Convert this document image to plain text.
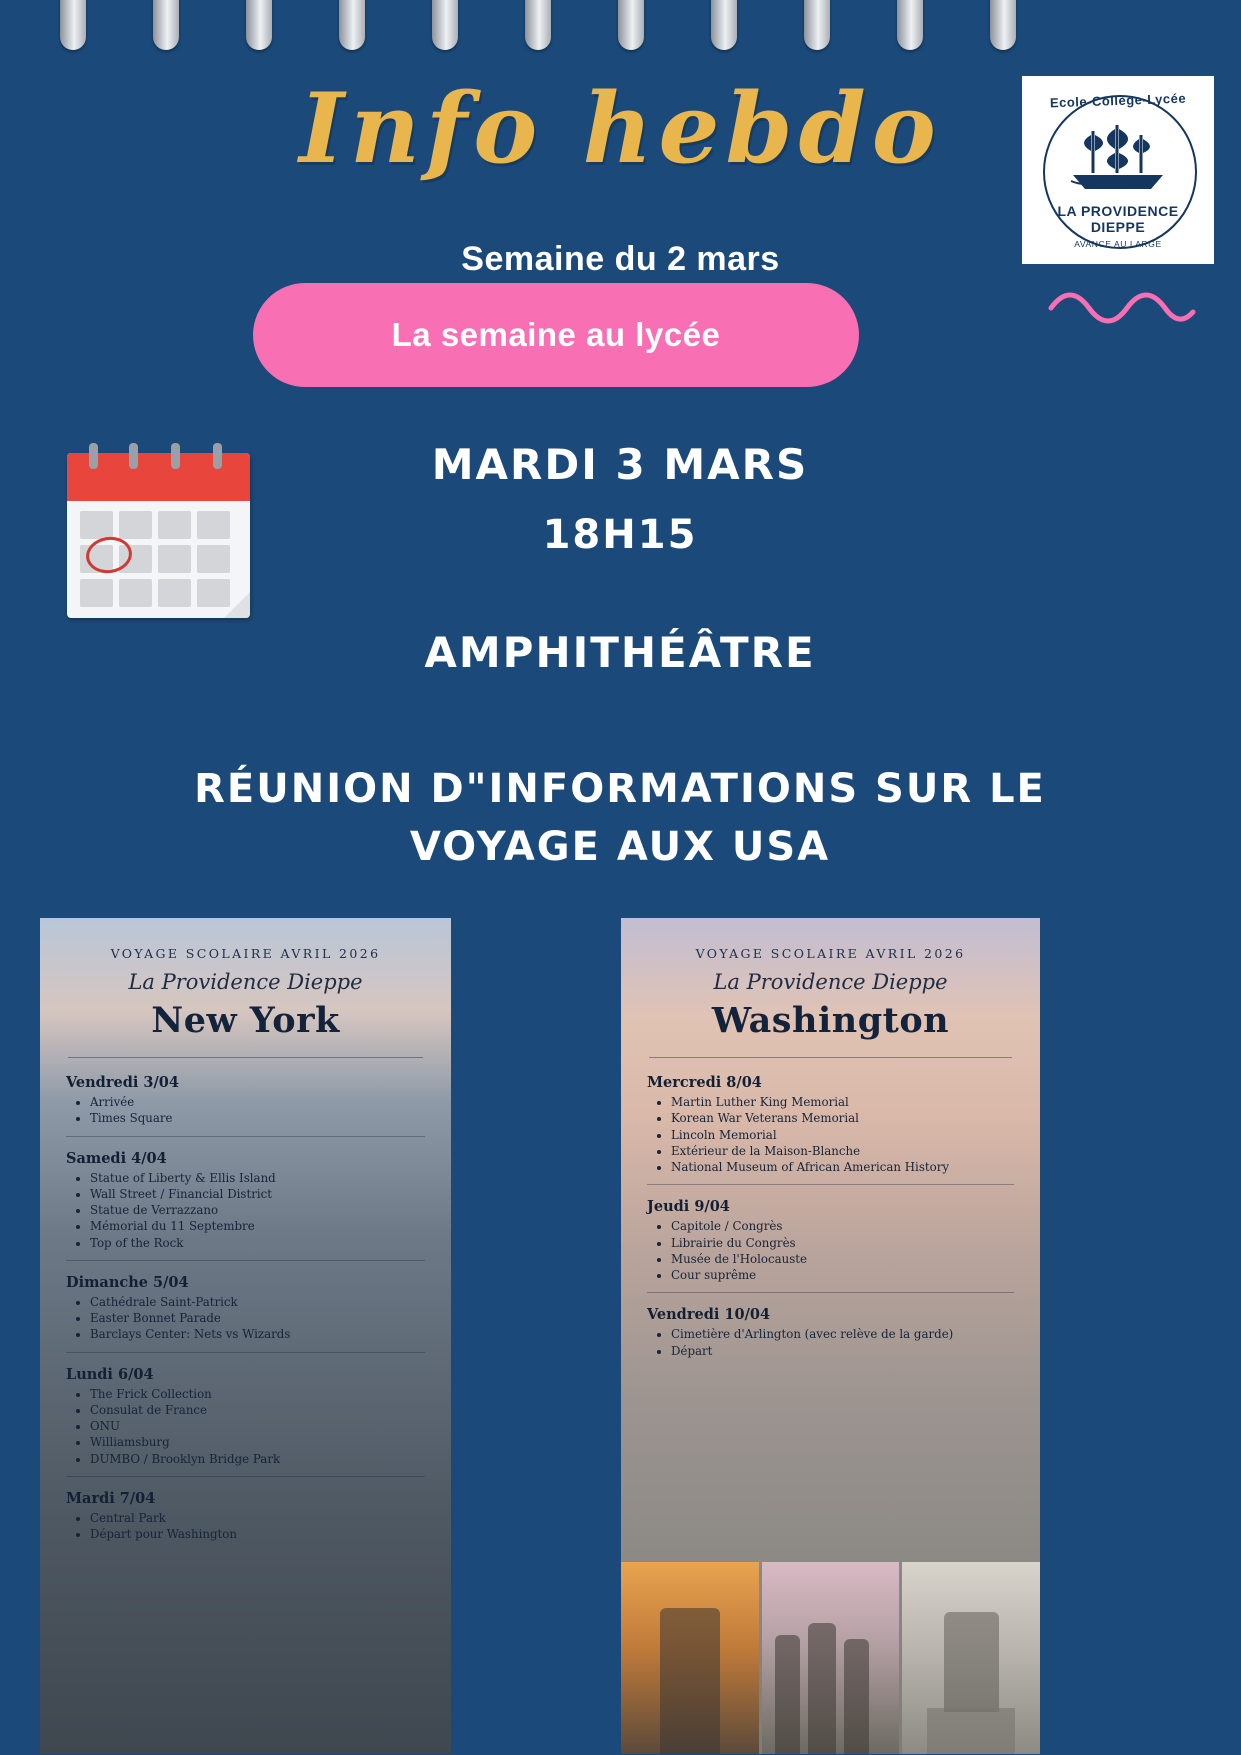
Info hebdo
Semaine du 2 mars
La semaine au lycée
Ecole-Collège-Lycée
LA PROVIDENCE DIEPPE
AVANCE AU LARGE
MARDI 3 MARS
18H15
AMPHITHÉÂTRE
RÉUNION D"INFORMATIONS SUR LE VOYAGE AUX USA
VOYAGE SCOLAIRE AVRIL 2026
La Providence Dieppe
New York
Vendredi 3/04
• Arrivée
• Times Square
Samedi 4/04
• Statue of Liberty & Ellis Island
• Wall Street / Financial District
• Statue de Verrazzano
• Mémorial du 11 Septembre
• Top of the Rock
Dimanche 5/04
• Cathédrale Saint-Patrick
• Easter Bonnet Parade
• Barclays Center: Nets vs Wizards
Lundi 6/04
• The Frick Collection
• Consulat de France
• ONU
• Williamsburg
• DUMBO / Brooklyn Bridge Park
Mardi 7/04
• Central Park
• Départ pour Washington
VOYAGE SCOLAIRE AVRIL 2026
La Providence Dieppe
Washington
Mercredi 8/04
• Martin Luther King Memorial
• Korean War Veterans Memorial
• Lincoln Memorial
• Extérieur de la Maison-Blanche
• National Museum of African American History
Jeudi 9/04
• Capitole / Congrès
• Librairie du Congrès
• Musée de l'Holocauste
• Cour suprême
Vendredi 10/04
• Cimetière d'Arlington (avec relève de la garde)
• Départ
